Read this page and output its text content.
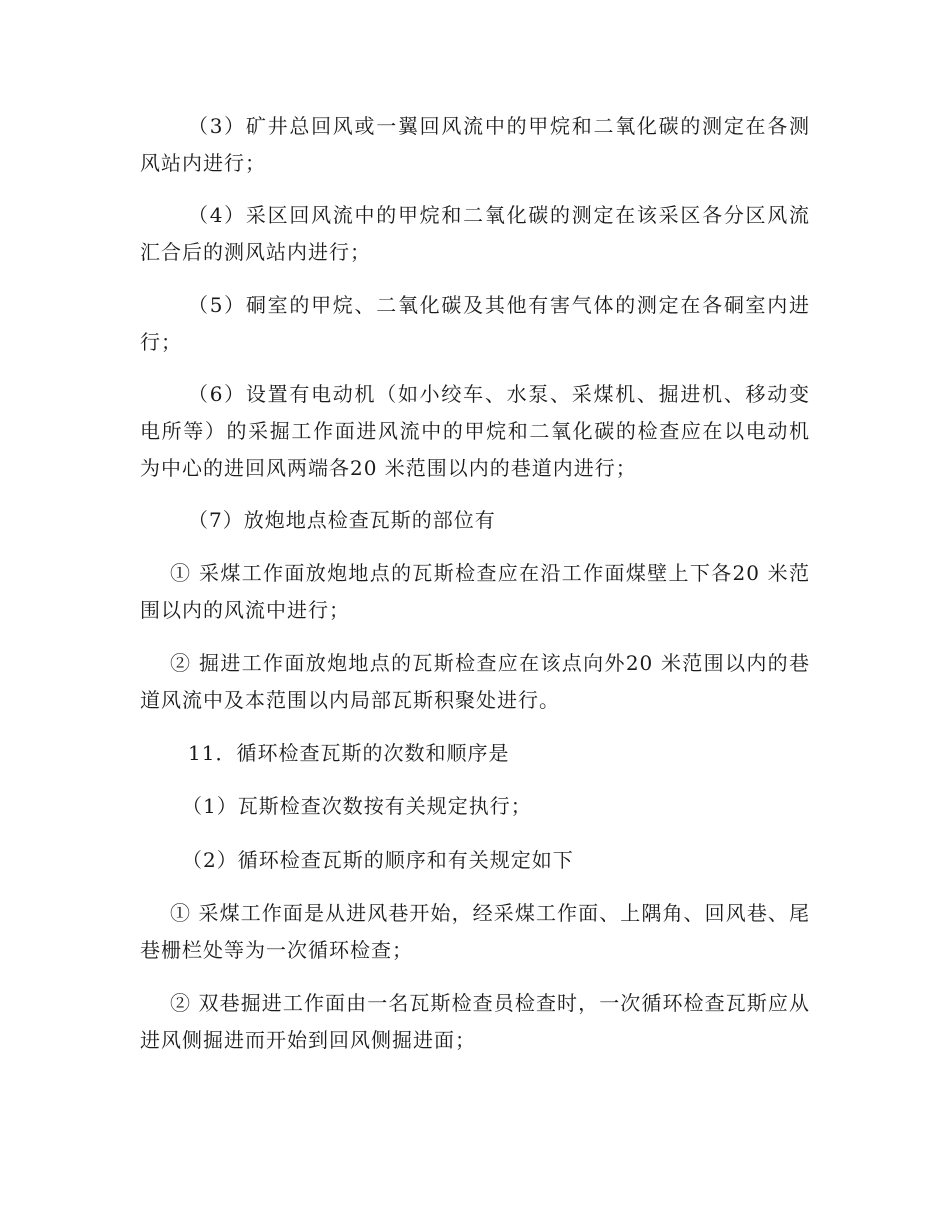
（3）矿井总回风或一翼回风流中的甲烷和二氧化碳的测定在各测风站内进行；

（4）采区回风流中的甲烷和二氧化碳的测定在该采区各分区风流汇合后的测风站内进行；

（5）硐室的甲烷、二氧化碳及其他有害气体的测定在各硐室内进行；

（6）设置有电动机（如小绞车、水泵、采煤机、掘进机、移动变电所等）的采掘工作面进风流中的甲烷和二氧化碳的检查应在以电动机为中心的进回风两端各20 米范围以内的巷道内进行；

（7）放炮地点检查瓦斯的部位有

① 采煤工作面放炮地点的瓦斯检查应在沿工作面煤壁上下各20 米范围以内的风流中进行；

② 掘进工作面放炮地点的瓦斯检查应在该点向外20 米范围以内的巷道风流中及本范围以内局部瓦斯积聚处进行。

11．循环检查瓦斯的次数和顺序是

（1）瓦斯检查次数按有关规定执行；

（2）循环检查瓦斯的顺序和有关规定如下

① 采煤工作面是从进风巷开始，经采煤工作面、上隅角、回风巷、尾巷栅栏处等为一次循环检查；

② 双巷掘进工作面由一名瓦斯检查员检查时，一次循环检查瓦斯应从进风侧掘进而开始到回风侧掘进面；
